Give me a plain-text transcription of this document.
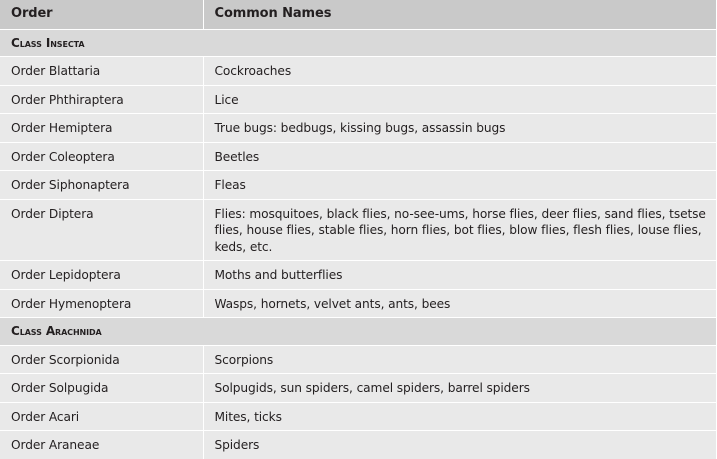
Order	Common Names
Class Insecta	
Order Blattaria	Cockroaches
Order Phthiraptera	Lice
Order Hemiptera	True bugs: bedbugs, kissing bugs, assassin bugs
Order Coleoptera	Beetles
Order Siphonaptera	Fleas
Order Diptera	Flies: mosquitoes, black flies, no-see-ums, horse flies, deer flies, sand flies, tsetse flies, house flies, stable flies, horn flies, bot flies, blow flies, flesh flies, louse flies, keds, etc.
Order Lepidoptera	Moths and butterflies
Order Hymenoptera	Wasps, hornets, velvet ants, ants, bees
Class Arachnida	
Order Scorpionida	Scorpions
Order Solpugida	Solpugids, sun spiders, camel spiders, barrel spiders
Order Acari	Mites, ticks
Order Araneae	Spiders
